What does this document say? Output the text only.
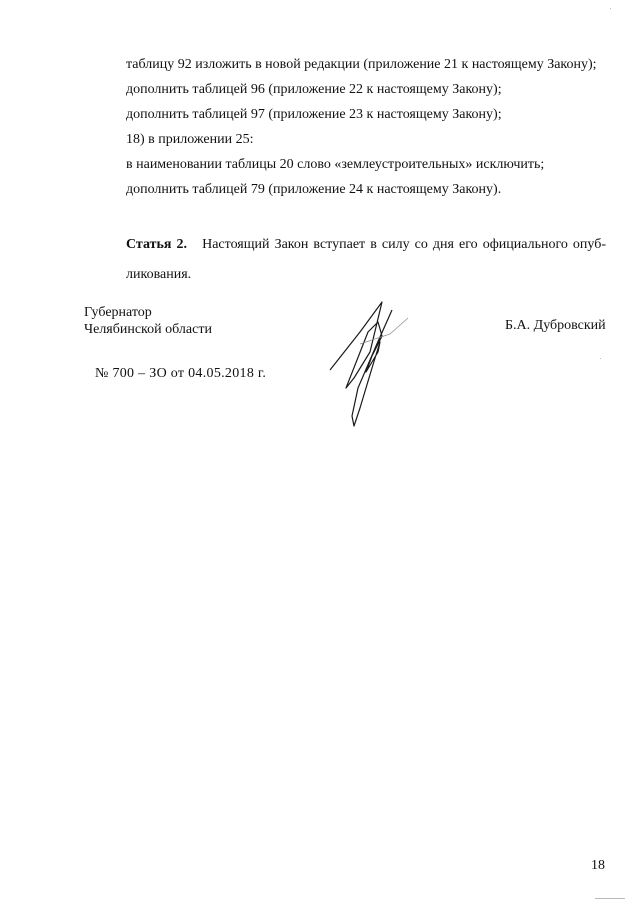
таблицу 92 изложить в новой редакции (приложение 21 к настоящему Закону);
дополнить таблицей 96 (приложение 22 к настоящему Закону);
дополнить таблицей 97 (приложение 23 к настоящему Закону);
18) в приложении 25:
в наименовании таблицы 20 слово «землеустроительных» исключить;
дополнить таблицей 79 (приложение 24 к настоящему Закону).
Статья 2. Настоящий Закон вступает в силу со дня его официального опуб-ликования.
Губернатор
Челябинской области	Б.А. Дубровский
№ 700 – ЗО от 04.05.2018 г.
18
